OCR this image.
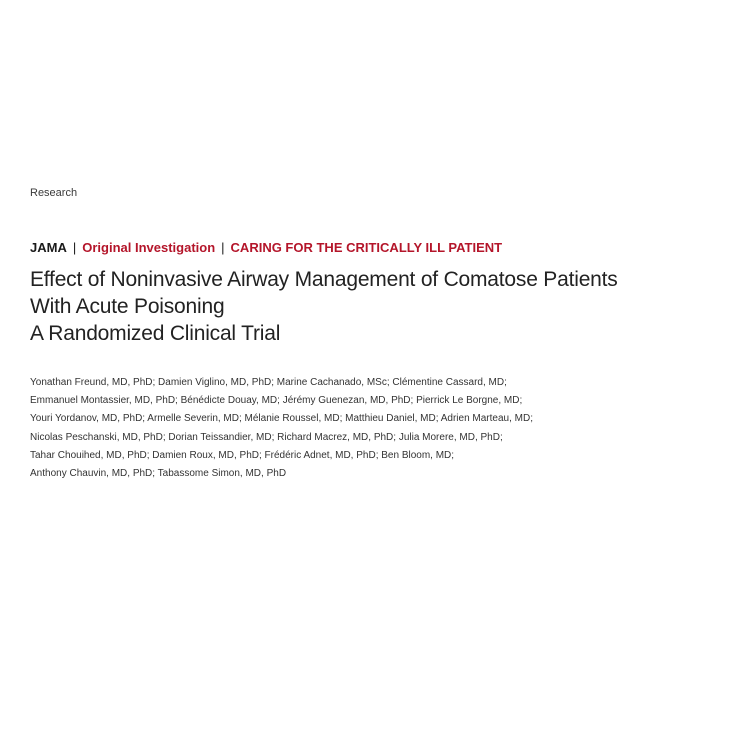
Research
JAMA | Original Investigation | CARING FOR THE CRITICALLY ILL PATIENT
Effect of Noninvasive Airway Management of Comatose Patients
With Acute Poisoning
A Randomized Clinical Trial
Yonathan Freund, MD, PhD; Damien Viglino, MD, PhD; Marine Cachanado, MSc; Clémentine Cassard, MD;
Emmanuel Montassier, MD, PhD; Bénédicte Douay, MD; Jérémy Guenezan, MD, PhD; Pierrick Le Borgne, MD;
Youri Yordanov, MD, PhD; Armelle Severin, MD; Mélanie Roussel, MD; Matthieu Daniel, MD; Adrien Marteau, MD;
Nicolas Peschanski, MD, PhD; Dorian Teissandier, MD; Richard Macrez, MD, PhD; Julia Morere, MD, PhD;
Tahar Chouihed, MD, PhD; Damien Roux, MD, PhD; Frédéric Adnet, MD, PhD; Ben Bloom, MD;
Anthony Chauvin, MD, PhD; Tabassome Simon, MD, PhD
